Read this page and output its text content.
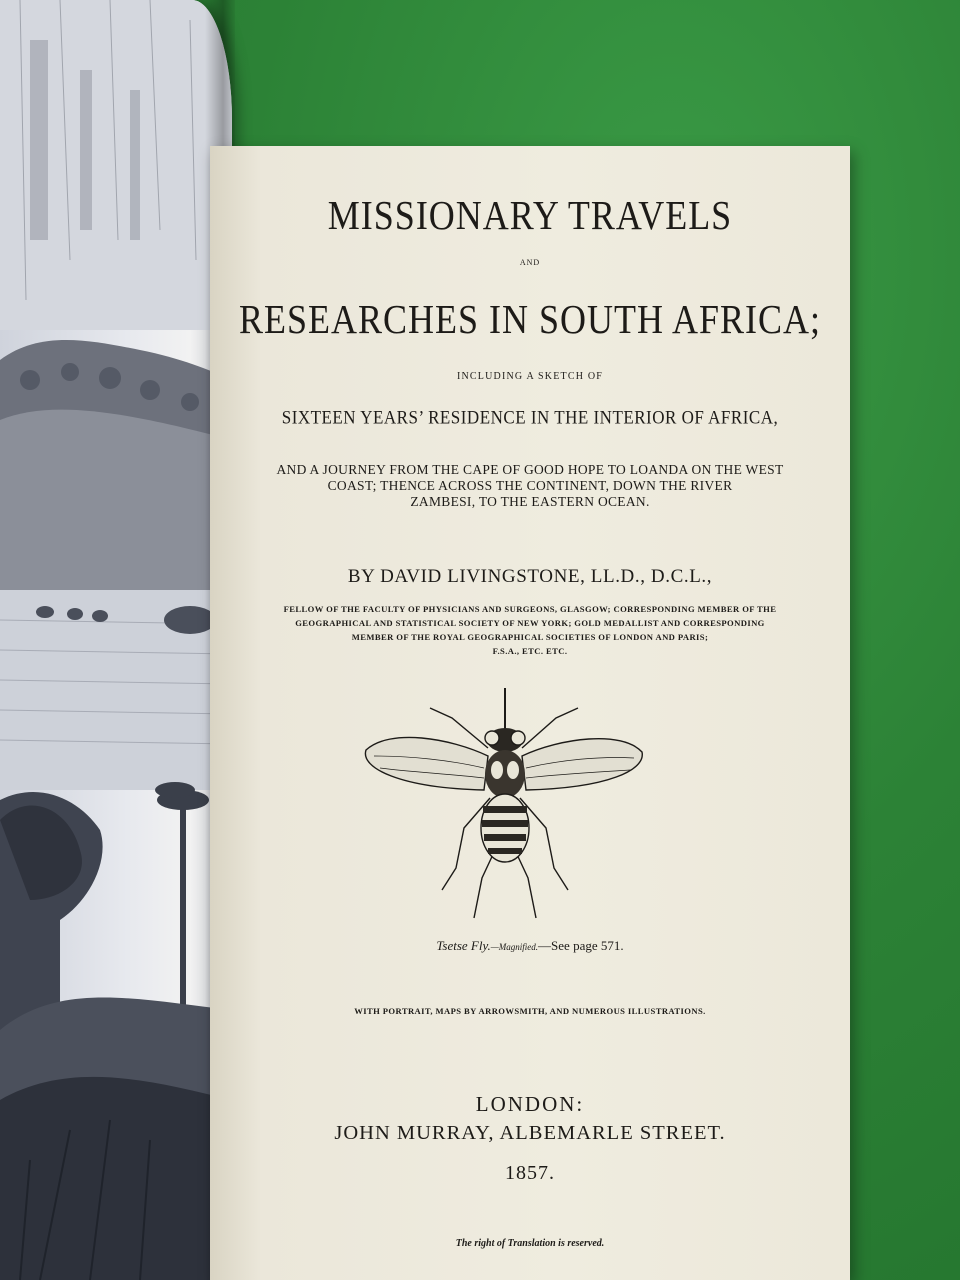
MISSIONARY TRAVELS
AND
RESEARCHES IN SOUTH AFRICA;
INCLUDING A SKETCH OF
SIXTEEN YEARS’ RESIDENCE IN THE INTERIOR OF AFRICA,
AND A JOURNEY FROM THE CAPE OF GOOD HOPE TO LOANDA ON THE WEST
COAST; THENCE ACROSS THE CONTINENT, DOWN THE RIVER
ZAMBESI, TO THE EASTERN OCEAN.
BY DAVID LIVINGSTONE, LL.D., D.C.L.,
FELLOW OF THE FACULTY OF PHYSICIANS AND SURGEONS, GLASGOW; CORRESPONDING MEMBER OF THE
GEOGRAPHICAL AND STATISTICAL SOCIETY OF NEW YORK; GOLD MEDALLIST AND CORRESPONDING
MEMBER OF THE ROYAL GEOGRAPHICAL SOCIETIES OF LONDON AND PARIS;
F.S.A., ETC. ETC.
Tsetse Fly.—Magnified.—See page 571.
WITH PORTRAIT, MAPS BY ARROWSMITH, AND NUMEROUS ILLUSTRATIONS.
LONDON:
JOHN MURRAY, ALBEMARLE STREET.
1857.
The right of Translation is reserved.
